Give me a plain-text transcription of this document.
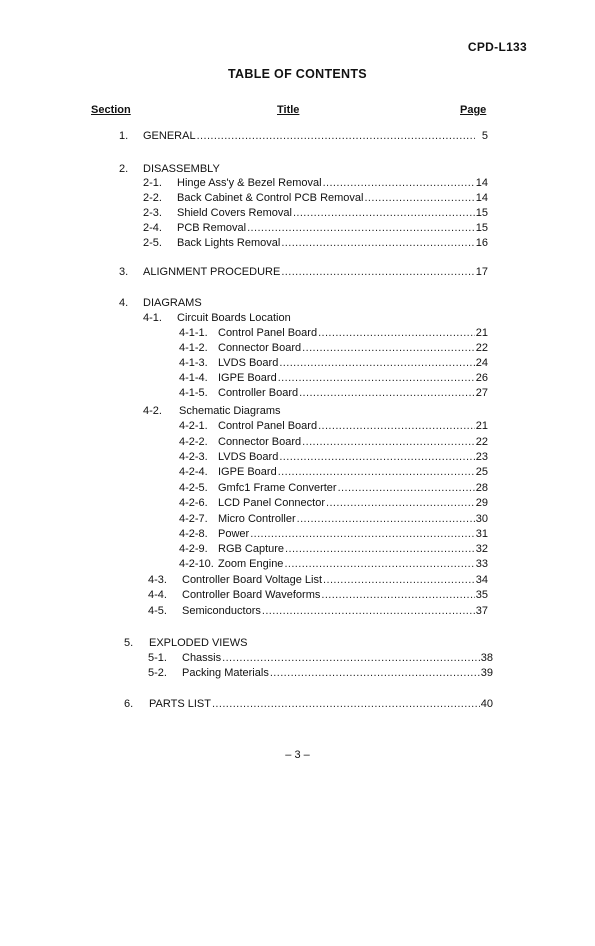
CPD-L133
TABLE OF CONTENTS
Section	Title	Page
1. GENERAL .....	5
2. DISASSEMBLY
2-1. Hinge Ass'y & Bezel Removal .....	14
2-2. Back Cabinet & Control PCB Removal .....	14
2-3. Shield Covers Removal .....	15
2-4. PCB Removal .....	15
2-5. Back Lights Removal .....	16
3. ALIGNMENT PROCEDURE .....	17
4. DIAGRAMS
4-1. Circuit Boards Location
4-1-1. Control Panel Board .....	21
4-1-2. Connector Board .....	22
4-1-3. LVDS Board .....	24
4-1-4. IGPE Board .....	26
4-1-5. Controller Board .....	27
4-2. Schematic Diagrams
4-2-1. Control Panel Board .....	21
4-2-2. Connector Board .....	22
4-2-3. LVDS Board .....	23
4-2-4. IGPE Board .....	25
4-2-5. Gmfc1 Frame Converter .....	28
4-2-6. LCD Panel Connector .....	29
4-2-7. Micro Controller .....	30
4-2-8. Power .....	31
4-2-9. RGB Capture .....	32
4-2-10. Zoom Engine .....	33
4-3. Controller Board Voltage List .....	34
4-4. Controller Board Waveforms .....	35
4-5. Semiconductors .....	37
5. EXPLODED VIEWS
5-1. Chassis .....	38
5-2. Packing Materials .....	39
6. PARTS LIST .....	40
– 3 –
